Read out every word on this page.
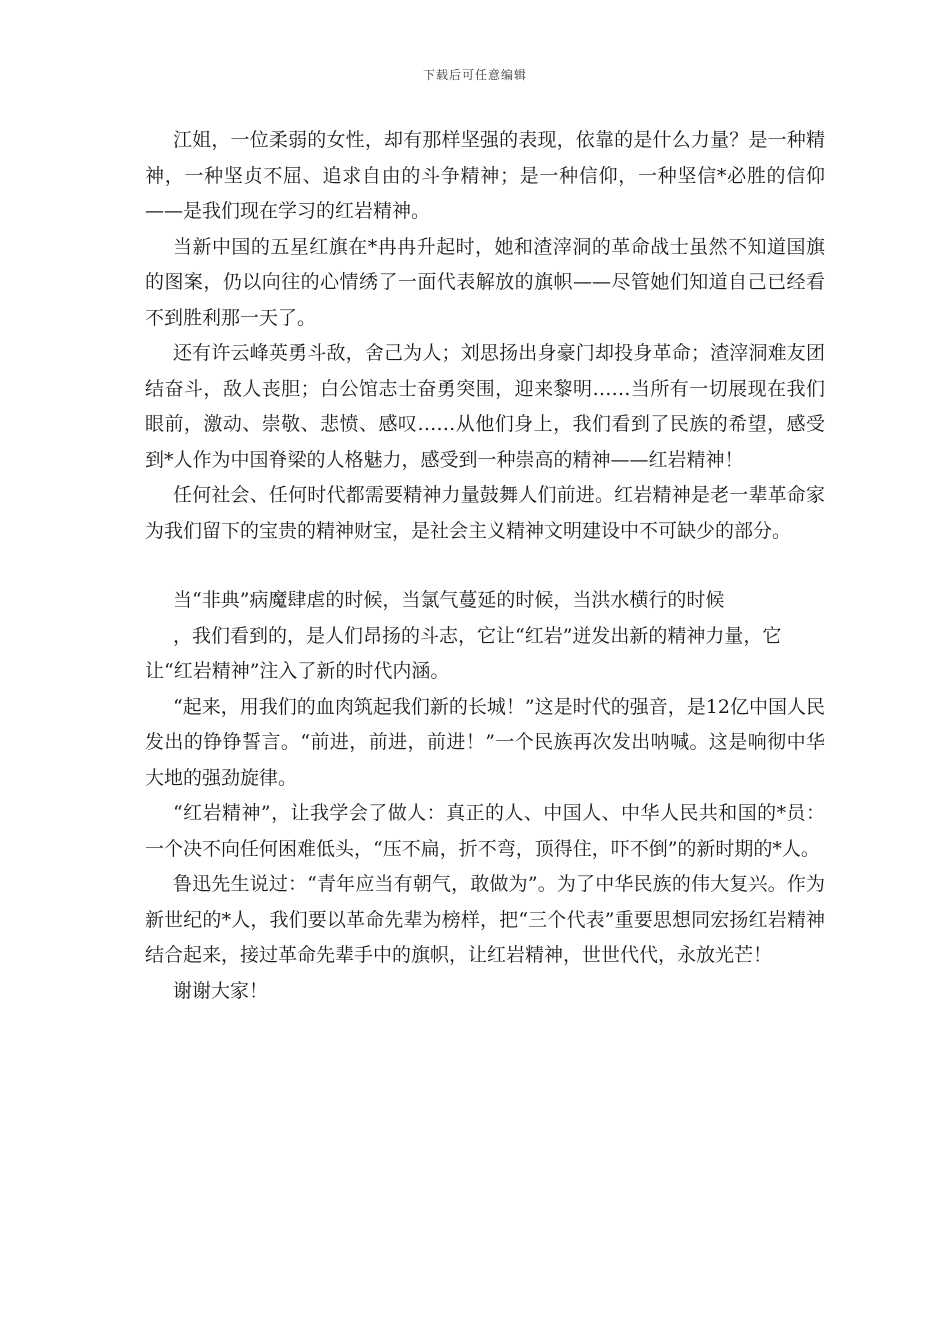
下载后可任意编辑

江姐，一位柔弱的女性，却有那样坚强的表现，依靠的是什么力量？是一种精神，一种坚贞不屈、追求自由的斗争精神；是一种信仰，一种坚信*必胜的信仰——是我们现在学习的红岩精神。

当新中国的五星红旗在*冉冉升起时，她和渣滓洞的革命战士虽然不知道国旗的图案，仍以向往的心情绣了一面代表解放的旗帜——尽管她们知道自己已经看不到胜利那一天了。

还有许云峰英勇斗敌，舍己为人；刘思扬出身豪门却投身革命；渣滓洞难友团结奋斗，敌人丧胆；白公馆志士奋勇突围，迎来黎明……当所有一切展现在我们眼前，激动、崇敬、悲愤、感叹……从他们身上，我们看到了民族的希望，感受到*人作为中国脊梁的人格魅力，感受到一种崇高的精神——红岩精神！

任何社会、任何时代都需要精神力量鼓舞人们前进。红岩精神是老一辈革命家为我们留下的宝贵的精神财宝，是社会主义精神文明建设中不可缺少的部分。

当“非典”病魔肆虐的时候，当氯气蔓延的时候，当洪水横行的时候

，我们看到的，是人们昂扬的斗志，它让“红岩”迸发出新的精神力量，它

让“红岩精神”注入了新的时代内涵。

“起来，用我们的血肉筑起我们新的长城！”这是时代的强音，是12亿中国人民发出的铮铮誓言。“前进，前进，前进！”一个民族再次发出呐喊。这是响彻中华大地的强劲旋律。

“红岩精神”，让我学会了做人：真正的人、中国人、中华人民共和国的*员：一个决不向任何困难低头，“压不扁，折不弯，顶得住，吓不倒”的新时期的*人。

鲁迅先生说过：“青年应当有朝气，敢做为”。为了中华民族的伟大复兴。作为新世纪的*人，我们要以革命先辈为榜样，把“三个代表”重要思想同宏扬红岩精神结合起来，接过革命先辈手中的旗帜，让红岩精神，世世代代，永放光芒！

谢谢大家！
